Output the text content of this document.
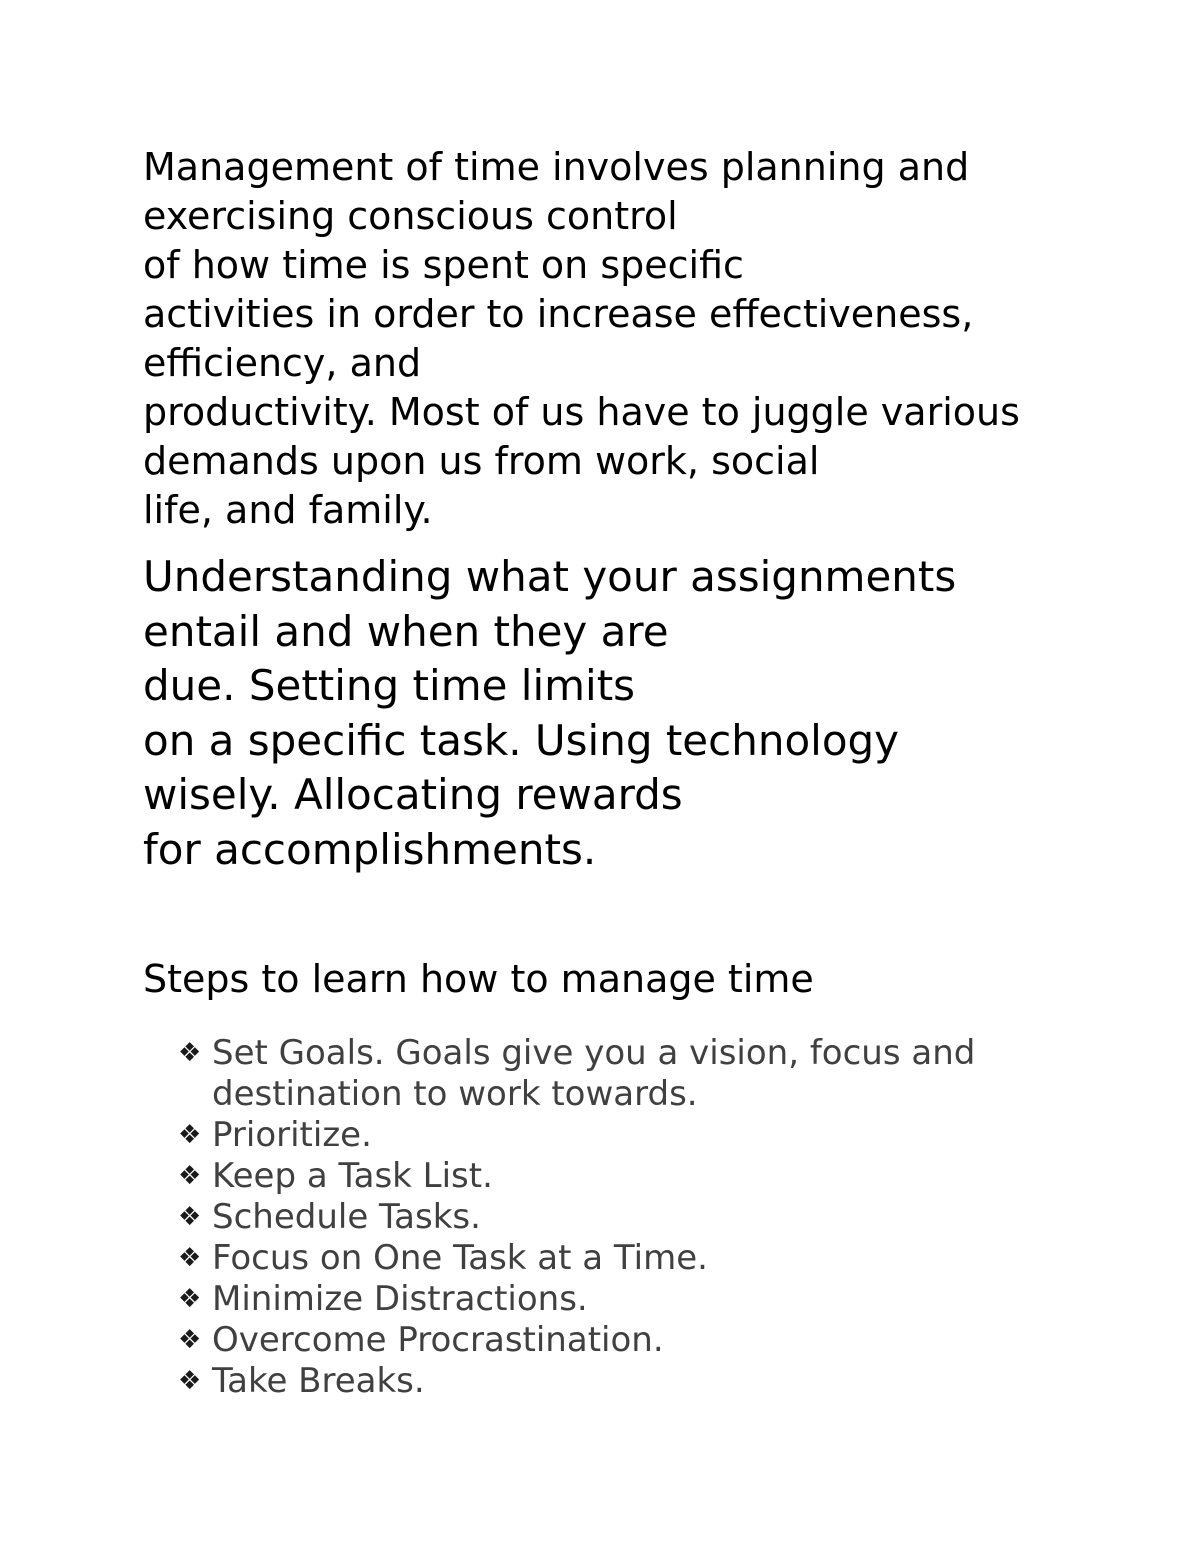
Management of time involves planning and
exercising conscious control
of how time is spent on specific
activities in order to increase effectiveness,
efficiency, and
productivity. Most of us have to juggle various
demands upon us from work, social
life, and family.

Understanding what your assignments
entail and when they are
due. Setting time limits
on a specific task. Using technology
wisely. Allocating rewards
for accomplishments.

Steps to learn how to manage time
❖ Set Goals. Goals give you a vision, focus and
destination to work towards.
❖ Prioritize.
❖ Keep a Task List.
❖ Schedule Tasks.
❖ Focus on One Task at a Time.
❖ Minimize Distractions.
❖ Overcome Procrastination.
❖ Take Breaks.
